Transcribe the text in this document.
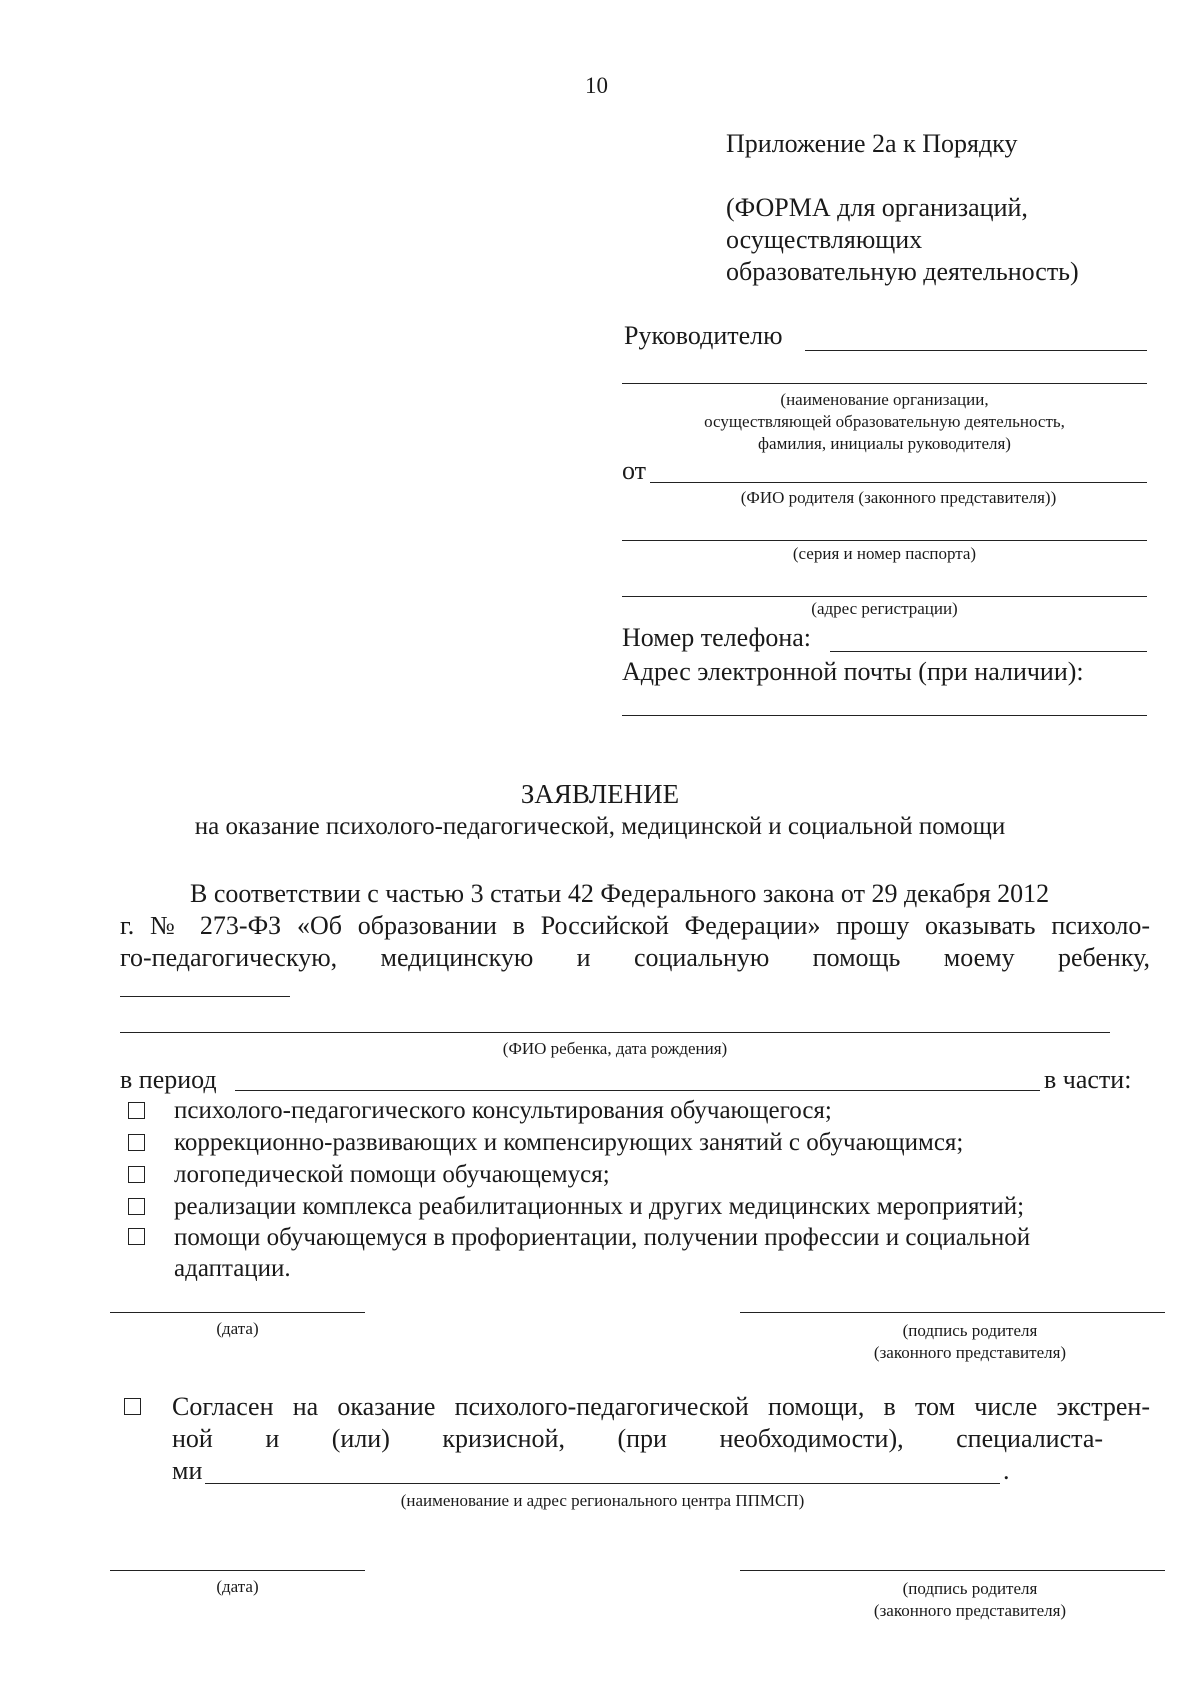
10
Приложение 2а к Порядку
(ФОРМА для организаций,
осуществляющих
образовательную деятельность)
Руководителю
(наименование организации,
осуществляющей образовательную деятельность,
фамилия, инициалы руководителя)
от
(ФИО родителя (законного представителя))
(серия и номер паспорта)
(адрес регистрации)
Номер телефона:
Адрес электронной почты (при наличии):
ЗАЯВЛЕНИЕ
на оказание психолого-педагогической, медицинской и социальной помощи
В соответствии с частью 3 статьи 42 Федерального закона от 29 декабря 2012
г. № 273-ФЗ «Об образовании в Российской Федерации» прошу оказывать психоло-
го-педагогическую, медицинскую и социальную помощь моему ребенку,
(ФИО ребенка, дата рождения)
в период	в части:
психолого-педагогического консультирования обучающегося;
коррекционно-развивающих и компенсирующих занятий с обучающимся;
логопедической помощи обучающемуся;
реализации комплекса реабилитационных и других медицинских мероприятий;
помощи обучающемуся в профориентации, получении профессии и социальной
адаптации.
(дата)	(подпись родителя
(законного представителя)
Согласен на оказание психолого-педагогической помощи, в том числе экстрен-
ной и (или) кризисной, (при необходимости), специалиста-
ми	.
(наименование и адрес регионального центра ППМСП)
(дата)	(подпись родителя
(законного представителя)
